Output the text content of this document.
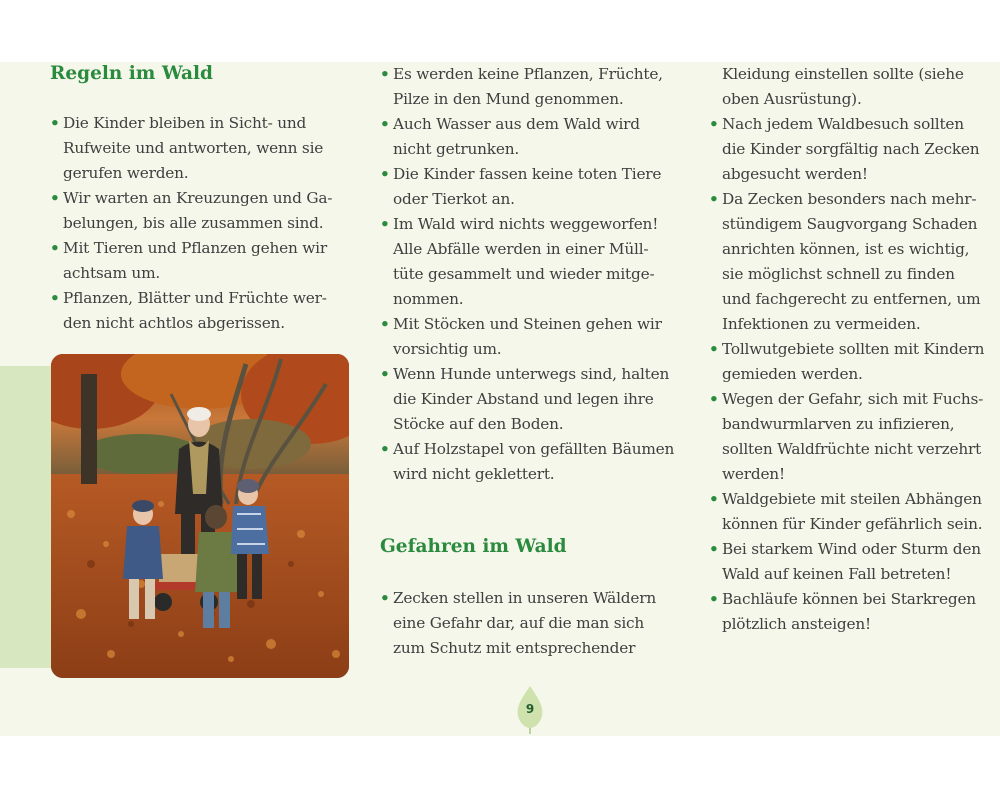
Regeln im Wald
• Die Kinder bleiben in Sicht- und
Rufweite und antworten, wenn sie
gerufen werden.
• Wir warten an Kreuzungen und Ga-
belungen, bis alle zusammen sind.
• Mit Tieren und Pflanzen gehen wir
achtsam um.
• Pflanzen, Blätter und Früchte wer-
den nicht achtlos abgerissen.
• Es werden keine Pflanzen, Früchte,
Pilze in den Mund genommen.
• Auch Wasser aus dem Wald wird
nicht getrunken.
• Die Kinder fassen keine toten Tiere
oder Tierkot an.
• Im Wald wird nichts weggeworfen!
Alle Abfälle werden in einer Müll-
tüte gesammelt und wieder mitge-
nommen.
• Mit Stöcken und Steinen gehen wir
vorsichtig um.
• Wenn Hunde unterwegs sind, halten
die Kinder Abstand und legen ihre
Stöcke auf den Boden.
• Auf Holzstapel von gefällten Bäumen
wird nicht geklettert.
Gefahren im Wald
• Zecken stellen in unseren Wäldern
eine Gefahr dar, auf die man sich
zum Schutz mit entsprechender
Kleidung einstellen sollte (siehe
oben Ausrüstung).
• Nach jedem Waldbesuch sollten
die Kinder sorgfältig nach Zecken
abgesucht werden!
• Da Zecken besonders nach mehr-
stündigem Saugvorgang Schaden
anrichten können, ist es wichtig,
sie möglichst schnell zu finden
und fachgerecht zu entfernen, um
Infektionen zu vermeiden.
• Tollwutgebiete sollten mit Kindern
gemieden werden.
• Wegen der Gefahr, sich mit Fuchs-
bandwurmlarven zu infizieren,
sollten Waldfrüchte nicht verzehrt
werden!
• Waldgebiete mit steilen Abhängen
können für Kinder gefährlich sein.
• Bei starkem Wind oder Sturm den
Wald auf keinen Fall betreten!
• Bachläufe können bei Starkregen
plötzlich ansteigen!
9
